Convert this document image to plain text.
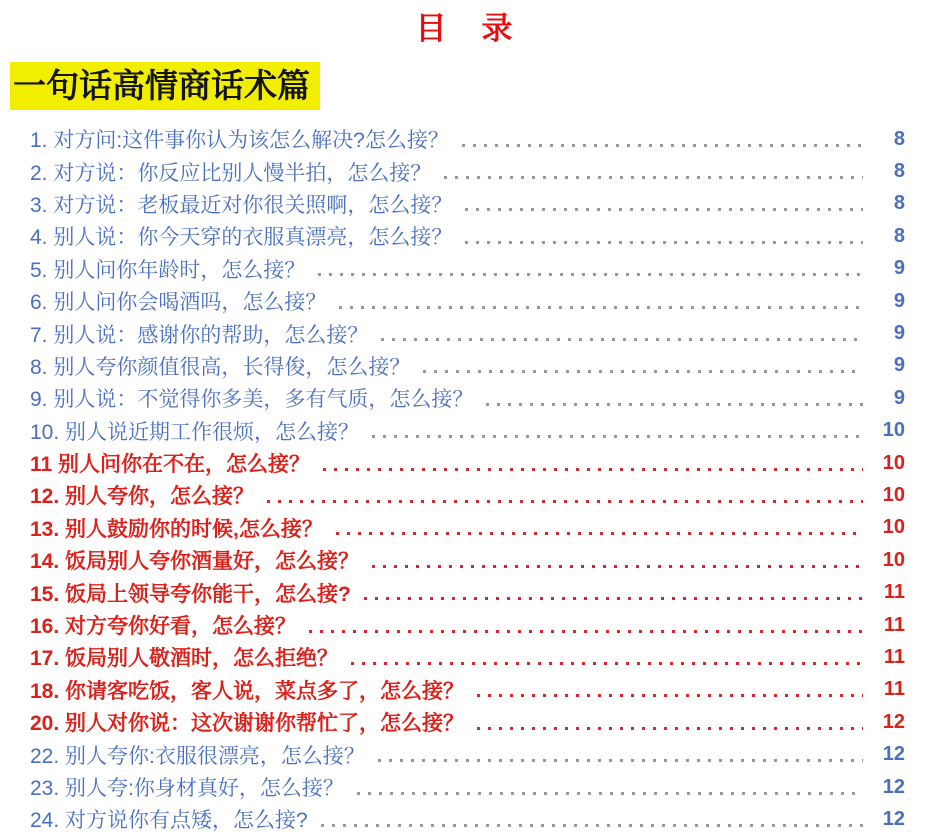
目　录
一句话高情商话术篇
1. 对方问:这件事你认为该怎么解决?怎么接？	8
2. 对方说：你反应比别人慢半拍，怎么接？	8
3. 对方说：老板最近对你很关照啊，怎么接？	8
4. 别人说：你今天穿的衣服真漂亮，怎么接？	8
5. 别人问你年龄时，怎么接？	9
6. 别人问你会喝酒吗，怎么接？	9
7. 别人说：感谢你的帮助，怎么接？	9
8. 别人夸你颜值很高，长得俊，怎么接？	9
9. 别人说：不觉得你多美，多有气质，怎么接？	9
10. 别人说近期工作很烦，怎么接？	10
11 别人问你在不在，怎么接？	10
12. 别人夸你，怎么接？	10
13. 别人鼓励你的时候,怎么接？	10
14. 饭局别人夸你酒量好，怎么接？	10
15. 饭局上领导夸你能干，怎么接?	11
16. 对方夸你好看，怎么接？	11
17. 饭局别人敬酒时，怎么拒绝？	11
18. 你请客吃饭，客人说，菜点多了，怎么接？	11
20. 别人对你说：这次谢谢你帮忙了，怎么接？	12
22. 别人夸你:衣服很漂亮，怎么接？	12
23. 别人夸:你身材真好，怎么接？	12
24. 对方说你有点矮，怎么接?	12
